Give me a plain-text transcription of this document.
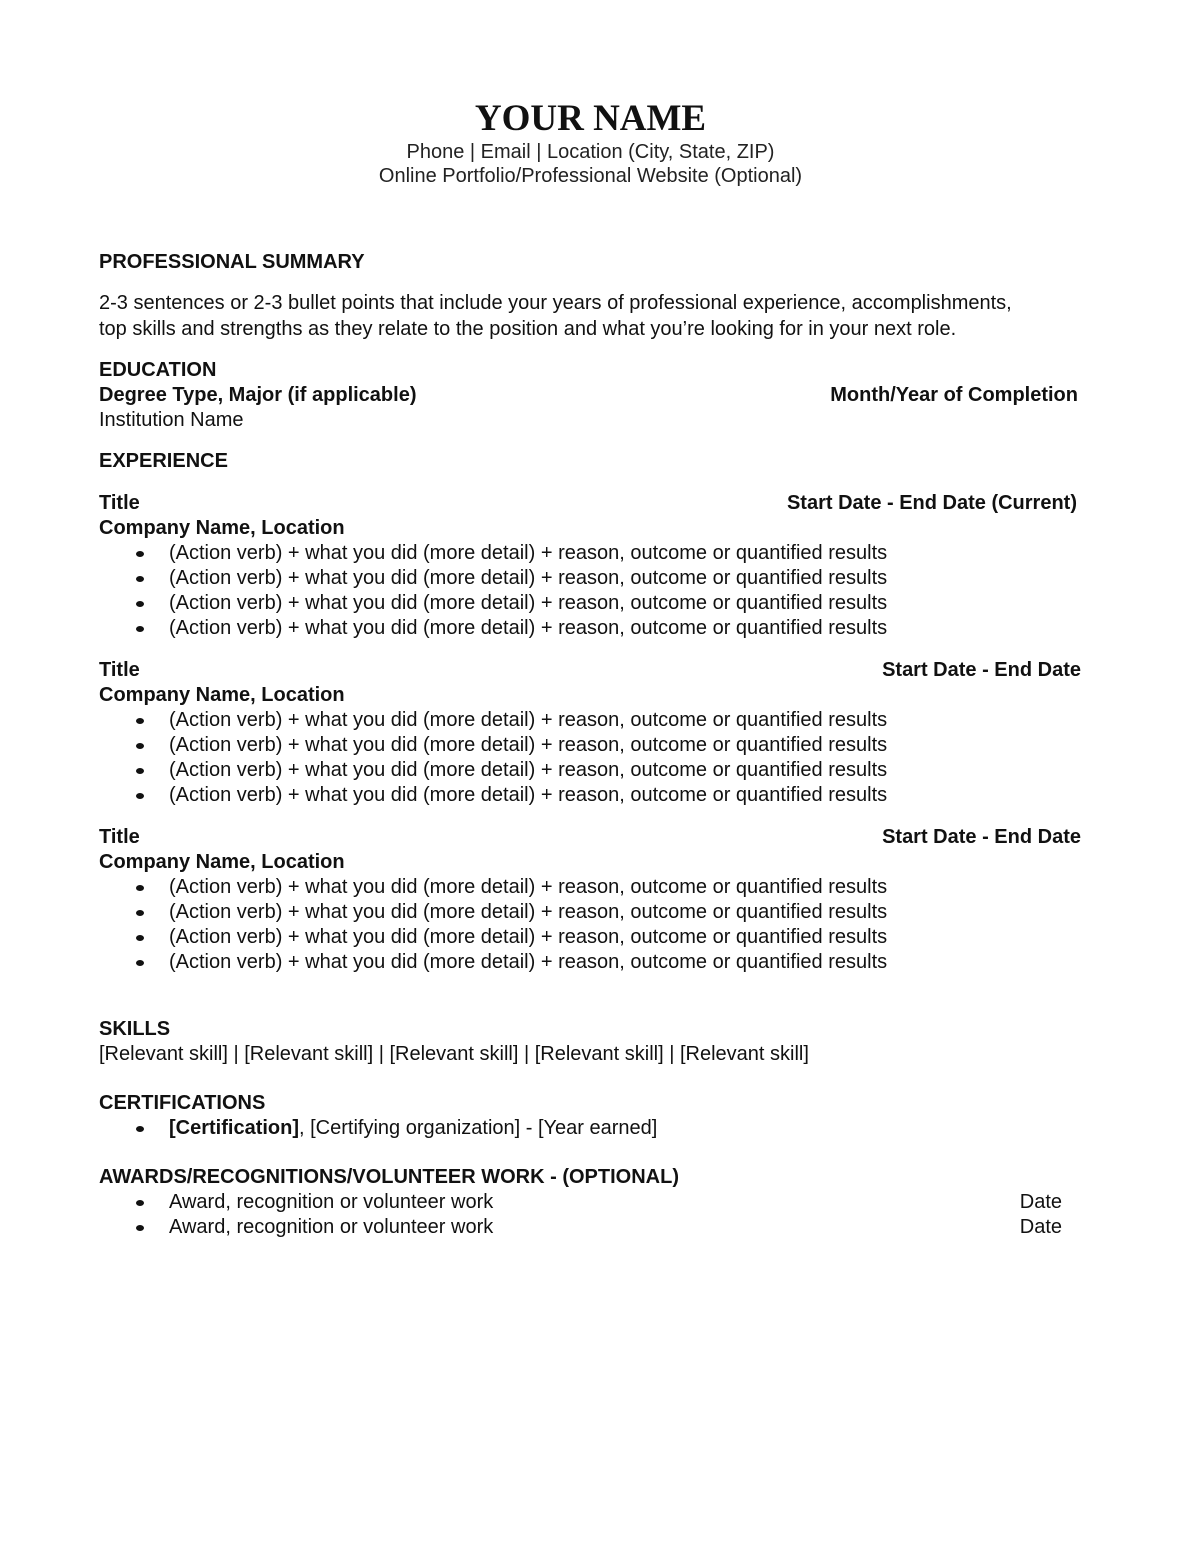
YOUR NAME
Phone | Email | Location (City, State, ZIP)
Online Portfolio/Professional Website (Optional)
PROFESSIONAL SUMMARY
2-3 sentences or 2-3 bullet points that include your years of professional experience, accomplishments,
top skills and strengths as they relate to the position and what you’re looking for in your next role.
EDUCATION
Degree Type, Major (if applicable)	Month/Year of Completion
Institution Name
EXPERIENCE
Title	Start Date - End Date (Current)
Company Name, Location
(Action verb) + what you did (more detail) + reason, outcome or quantified results
(Action verb) + what you did (more detail) + reason, outcome or quantified results
(Action verb) + what you did (more detail) + reason, outcome or quantified results
(Action verb) + what you did (more detail) + reason, outcome or quantified results
Title	Start Date - End Date
Company Name, Location
(Action verb) + what you did (more detail) + reason, outcome or quantified results
(Action verb) + what you did (more detail) + reason, outcome or quantified results
(Action verb) + what you did (more detail) + reason, outcome or quantified results
(Action verb) + what you did (more detail) + reason, outcome or quantified results
Title	Start Date - End Date
Company Name, Location
(Action verb) + what you did (more detail) + reason, outcome or quantified results
(Action verb) + what you did (more detail) + reason, outcome or quantified results
(Action verb) + what you did (more detail) + reason, outcome or quantified results
(Action verb) + what you did (more detail) + reason, outcome or quantified results
SKILLS
[Relevant skill] | [Relevant skill] | [Relevant skill] | [Relevant skill] | [Relevant skill]
CERTIFICATIONS
[Certification], [Certifying organization] - [Year earned]
AWARDS/RECOGNITIONS/VOLUNTEER WORK - (OPTIONAL)
Award, recognition or volunteer work	Date
Award, recognition or volunteer work	Date
